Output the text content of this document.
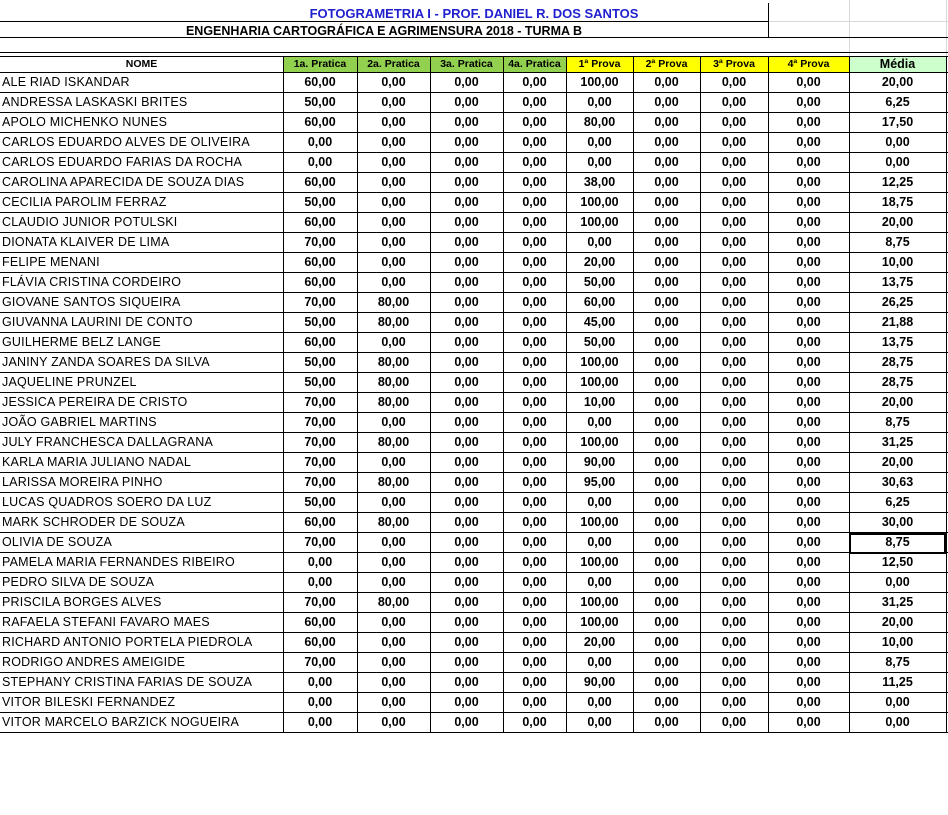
FOTOGRAMETRIA I - PROF. DANIEL R. DOS SANTOS
ENGENHARIA CARTOGRÁFICA E AGRIMENSURA 2018 - TURMA B
NOME	1a. Pratica	2a. Pratica	3a. Pratica	4a. Pratica	1ª Prova	2ª Prova	3ª Prova	4ª Prova	Média
ALE RIAD ISKANDAR	60,00	0,00	0,00	0,00	100,00	0,00	0,00	0,00	20,00
ANDRESSA LASKASKI BRITES	50,00	0,00	0,00	0,00	0,00	0,00	0,00	0,00	6,25
APOLO MICHENKO NUNES	60,00	0,00	0,00	0,00	80,00	0,00	0,00	0,00	17,50
CARLOS EDUARDO ALVES DE OLIVEIRA	0,00	0,00	0,00	0,00	0,00	0,00	0,00	0,00	0,00
CARLOS EDUARDO FARIAS DA ROCHA	0,00	0,00	0,00	0,00	0,00	0,00	0,00	0,00	0,00
CAROLINA APARECIDA DE SOUZA DIAS	60,00	0,00	0,00	0,00	38,00	0,00	0,00	0,00	12,25
CECILIA PAROLIM FERRAZ	50,00	0,00	0,00	0,00	100,00	0,00	0,00	0,00	18,75
CLAUDIO JUNIOR POTULSKI	60,00	0,00	0,00	0,00	100,00	0,00	0,00	0,00	20,00
DIONATA KLAIVER DE LIMA	70,00	0,00	0,00	0,00	0,00	0,00	0,00	0,00	8,75
FELIPE MENANI	60,00	0,00	0,00	0,00	20,00	0,00	0,00	0,00	10,00
FLÁVIA CRISTINA CORDEIRO	60,00	0,00	0,00	0,00	50,00	0,00	0,00	0,00	13,75
GIOVANE SANTOS SIQUEIRA	70,00	80,00	0,00	0,00	60,00	0,00	0,00	0,00	26,25
GIUVANNA LAURINI DE CONTO	50,00	80,00	0,00	0,00	45,00	0,00	0,00	0,00	21,88
GUILHERME BELZ LANGE	60,00	0,00	0,00	0,00	50,00	0,00	0,00	0,00	13,75
JANINY ZANDA SOARES DA SILVA	50,00	80,00	0,00	0,00	100,00	0,00	0,00	0,00	28,75
JAQUELINE PRUNZEL	50,00	80,00	0,00	0,00	100,00	0,00	0,00	0,00	28,75
JESSICA PEREIRA DE CRISTO	70,00	80,00	0,00	0,00	10,00	0,00	0,00	0,00	20,00
JOÃO GABRIEL MARTINS	70,00	0,00	0,00	0,00	0,00	0,00	0,00	0,00	8,75
JULY FRANCHESCA DALLAGRANA	70,00	80,00	0,00	0,00	100,00	0,00	0,00	0,00	31,25
KARLA MARIA JULIANO NADAL	70,00	0,00	0,00	0,00	90,00	0,00	0,00	0,00	20,00
LARISSA MOREIRA PINHO	70,00	80,00	0,00	0,00	95,00	0,00	0,00	0,00	30,63
LUCAS QUADROS SOERO DA LUZ	50,00	0,00	0,00	0,00	0,00	0,00	0,00	0,00	6,25
MARK SCHRODER DE SOUZA	60,00	80,00	0,00	0,00	100,00	0,00	0,00	0,00	30,00
OLIVIA DE SOUZA	70,00	0,00	0,00	0,00	0,00	0,00	0,00	0,00	8,75
PAMELA MARIA FERNANDES RIBEIRO	0,00	0,00	0,00	0,00	100,00	0,00	0,00	0,00	12,50
PEDRO SILVA DE SOUZA	0,00	0,00	0,00	0,00	0,00	0,00	0,00	0,00	0,00
PRISCILA BORGES ALVES	70,00	80,00	0,00	0,00	100,00	0,00	0,00	0,00	31,25
RAFAELA STEFANI FAVARO MAES	60,00	0,00	0,00	0,00	100,00	0,00	0,00	0,00	20,00
RICHARD ANTONIO PORTELA PIEDROLA	60,00	0,00	0,00	0,00	20,00	0,00	0,00	0,00	10,00
RODRIGO ANDRES AMEIGIDE	70,00	0,00	0,00	0,00	0,00	0,00	0,00	0,00	8,75
STEPHANY CRISTINA FARIAS DE SOUZA	0,00	0,00	0,00	0,00	90,00	0,00	0,00	0,00	11,25
VITOR BILESKI FERNANDEZ	0,00	0,00	0,00	0,00	0,00	0,00	0,00	0,00	0,00
VITOR MARCELO BARZICK NOGUEIRA	0,00	0,00	0,00	0,00	0,00	0,00	0,00	0,00	0,00
